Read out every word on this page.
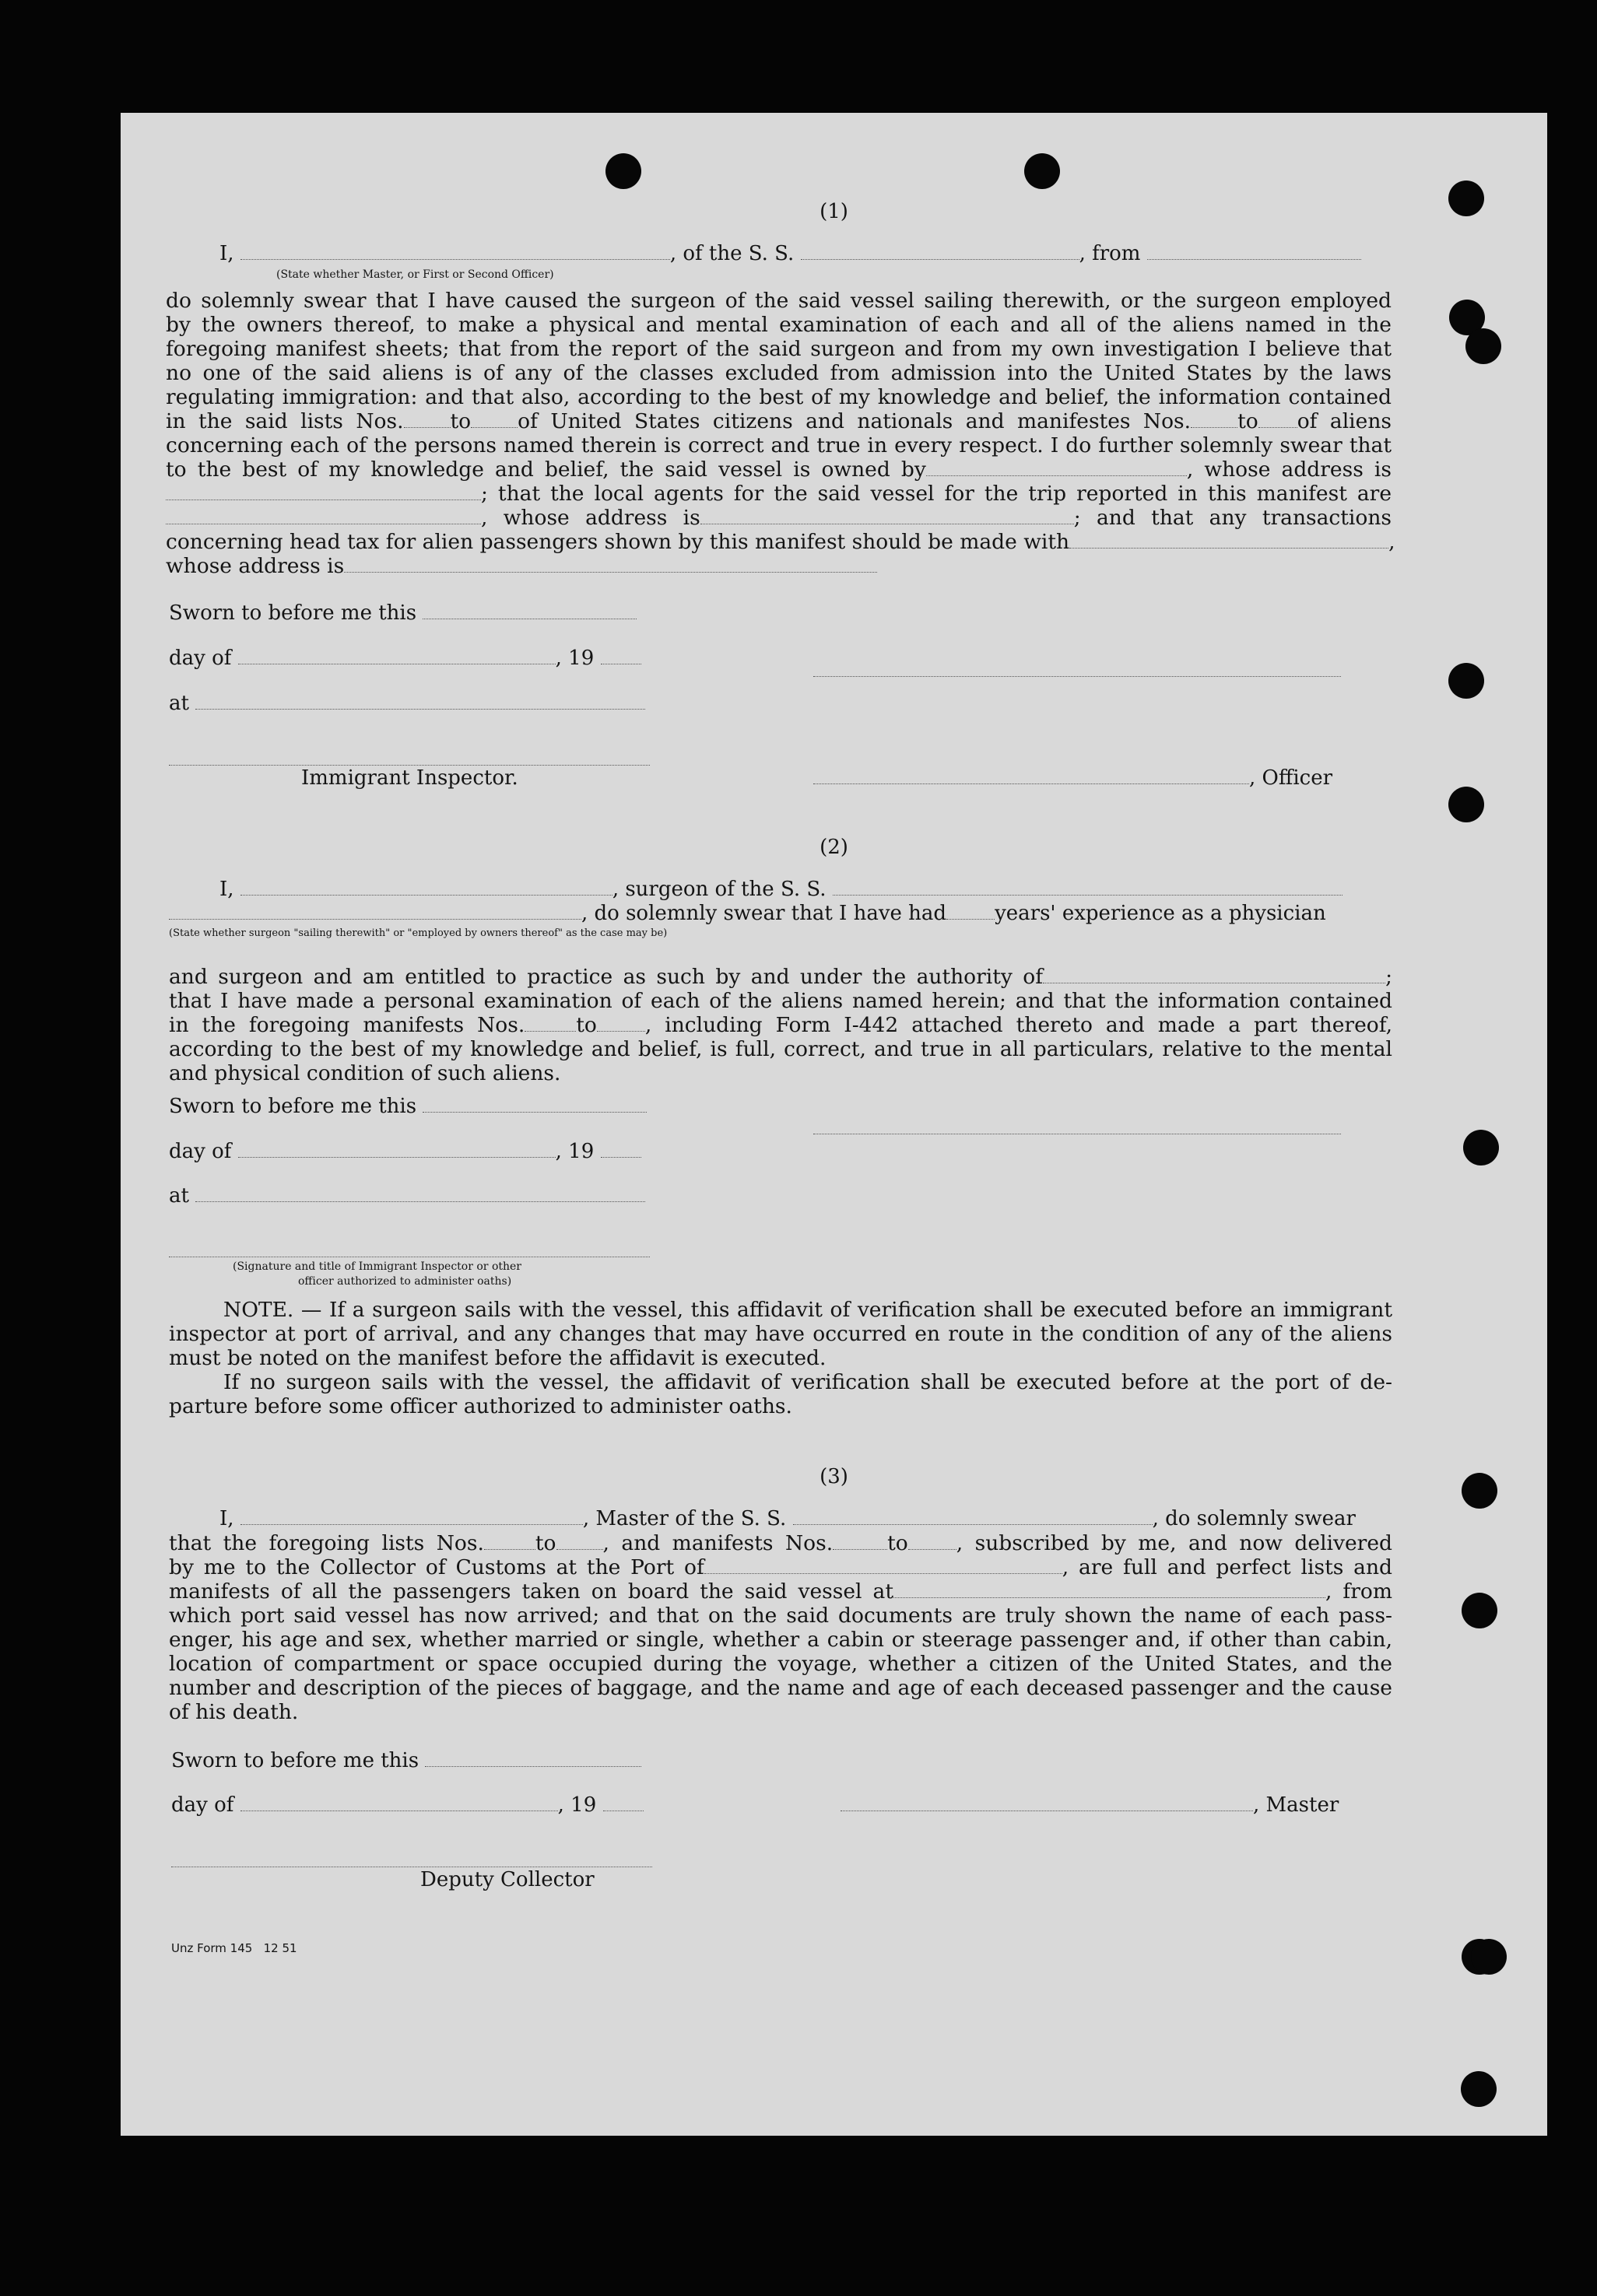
(1)
I,	, of the S. S.	, from
(State whether Master, or First or Second Officer)
do solemnly swear that I have caused the surgeon of the said vessel sailing therewith, or the surgeon employed
by the owners thereof, to make a physical and mental examination of each and all of the aliens named in the
foregoing manifest sheets; that from the report of the said surgeon and from my own investigation I believe that
no one of the said aliens is of any of the classes excluded from admission into the United States by the laws
regulating immigration: and that also, according to the best of my knowledge and belief, the information contained
in the said lists Nos. to of United States citizens and nationals and manifestes Nos. to of aliens
concerning each of the persons named therein is correct and true in every respect. I do further solemnly swear that
to the best of my knowledge and belief, the said vessel is owned by	, whose address is
; that the local agents for the said vessel for the trip reported in this manifest are
, whose address is	; and that any transactions
concerning head tax for alien passengers shown by this manifest should be made with	,
whose address is
Sworn to before me this
day of	, 19
at
Immigrant Inspector.	, Officer
(2)
I,	, surgeon of the S. S.
, do solemnly swear that I have had years' experience as a physician
(State whether surgeon "sailing therewith" or "employed by owners thereof" as the case may be)
and surgeon and am entitled to practice as such by and under the authority of	;
that I have made a personal examination of each of the aliens named herein; and that the information contained
in the foregoing manifests Nos. to , including Form I-442 attached thereto and made a part thereof,
according to the best of my knowledge and belief, is full, correct, and true in all particulars, relative to the mental
and physical condition of such aliens.
Sworn to before me this
day of	, 19
at
(Signature and title of Immigrant Inspector or other
officer authorized to administer oaths)
NOTE. — If a surgeon sails with the vessel, this affidavit of verification shall be executed before an immigrant
inspector at port of arrival, and any changes that may have occurred en route in the condition of any of the aliens
must be noted on the manifest before the affidavit is executed.
If no surgeon sails with the vessel, the affidavit of verification shall be executed before at the port of de-
parture before some officer authorized to administer oaths.
(3)
I,	, Master of the S. S.	, do solemnly swear
that the foregoing lists Nos. to , and manifests Nos.	to , subscribed by me, and now delivered
by me to the Collector of Customs at the Port of	, are full and perfect lists and
manifests of all the passengers taken on board the said vessel at	, from
which port said vessel has now arrived; and that on the said documents are truly shown the name of each pass-
enger, his age and sex, whether married or single, whether a cabin or steerage passenger and, if other than cabin,
location of compartment or space occupied during the voyage, whether a citizen of the United States, and the
number and description of the pieces of baggage, and the name and age of each deceased passenger and the cause
of his death.
Sworn to before me this
day of	, 19	, Master
Deputy Collector
Unz Form 145   12 51
